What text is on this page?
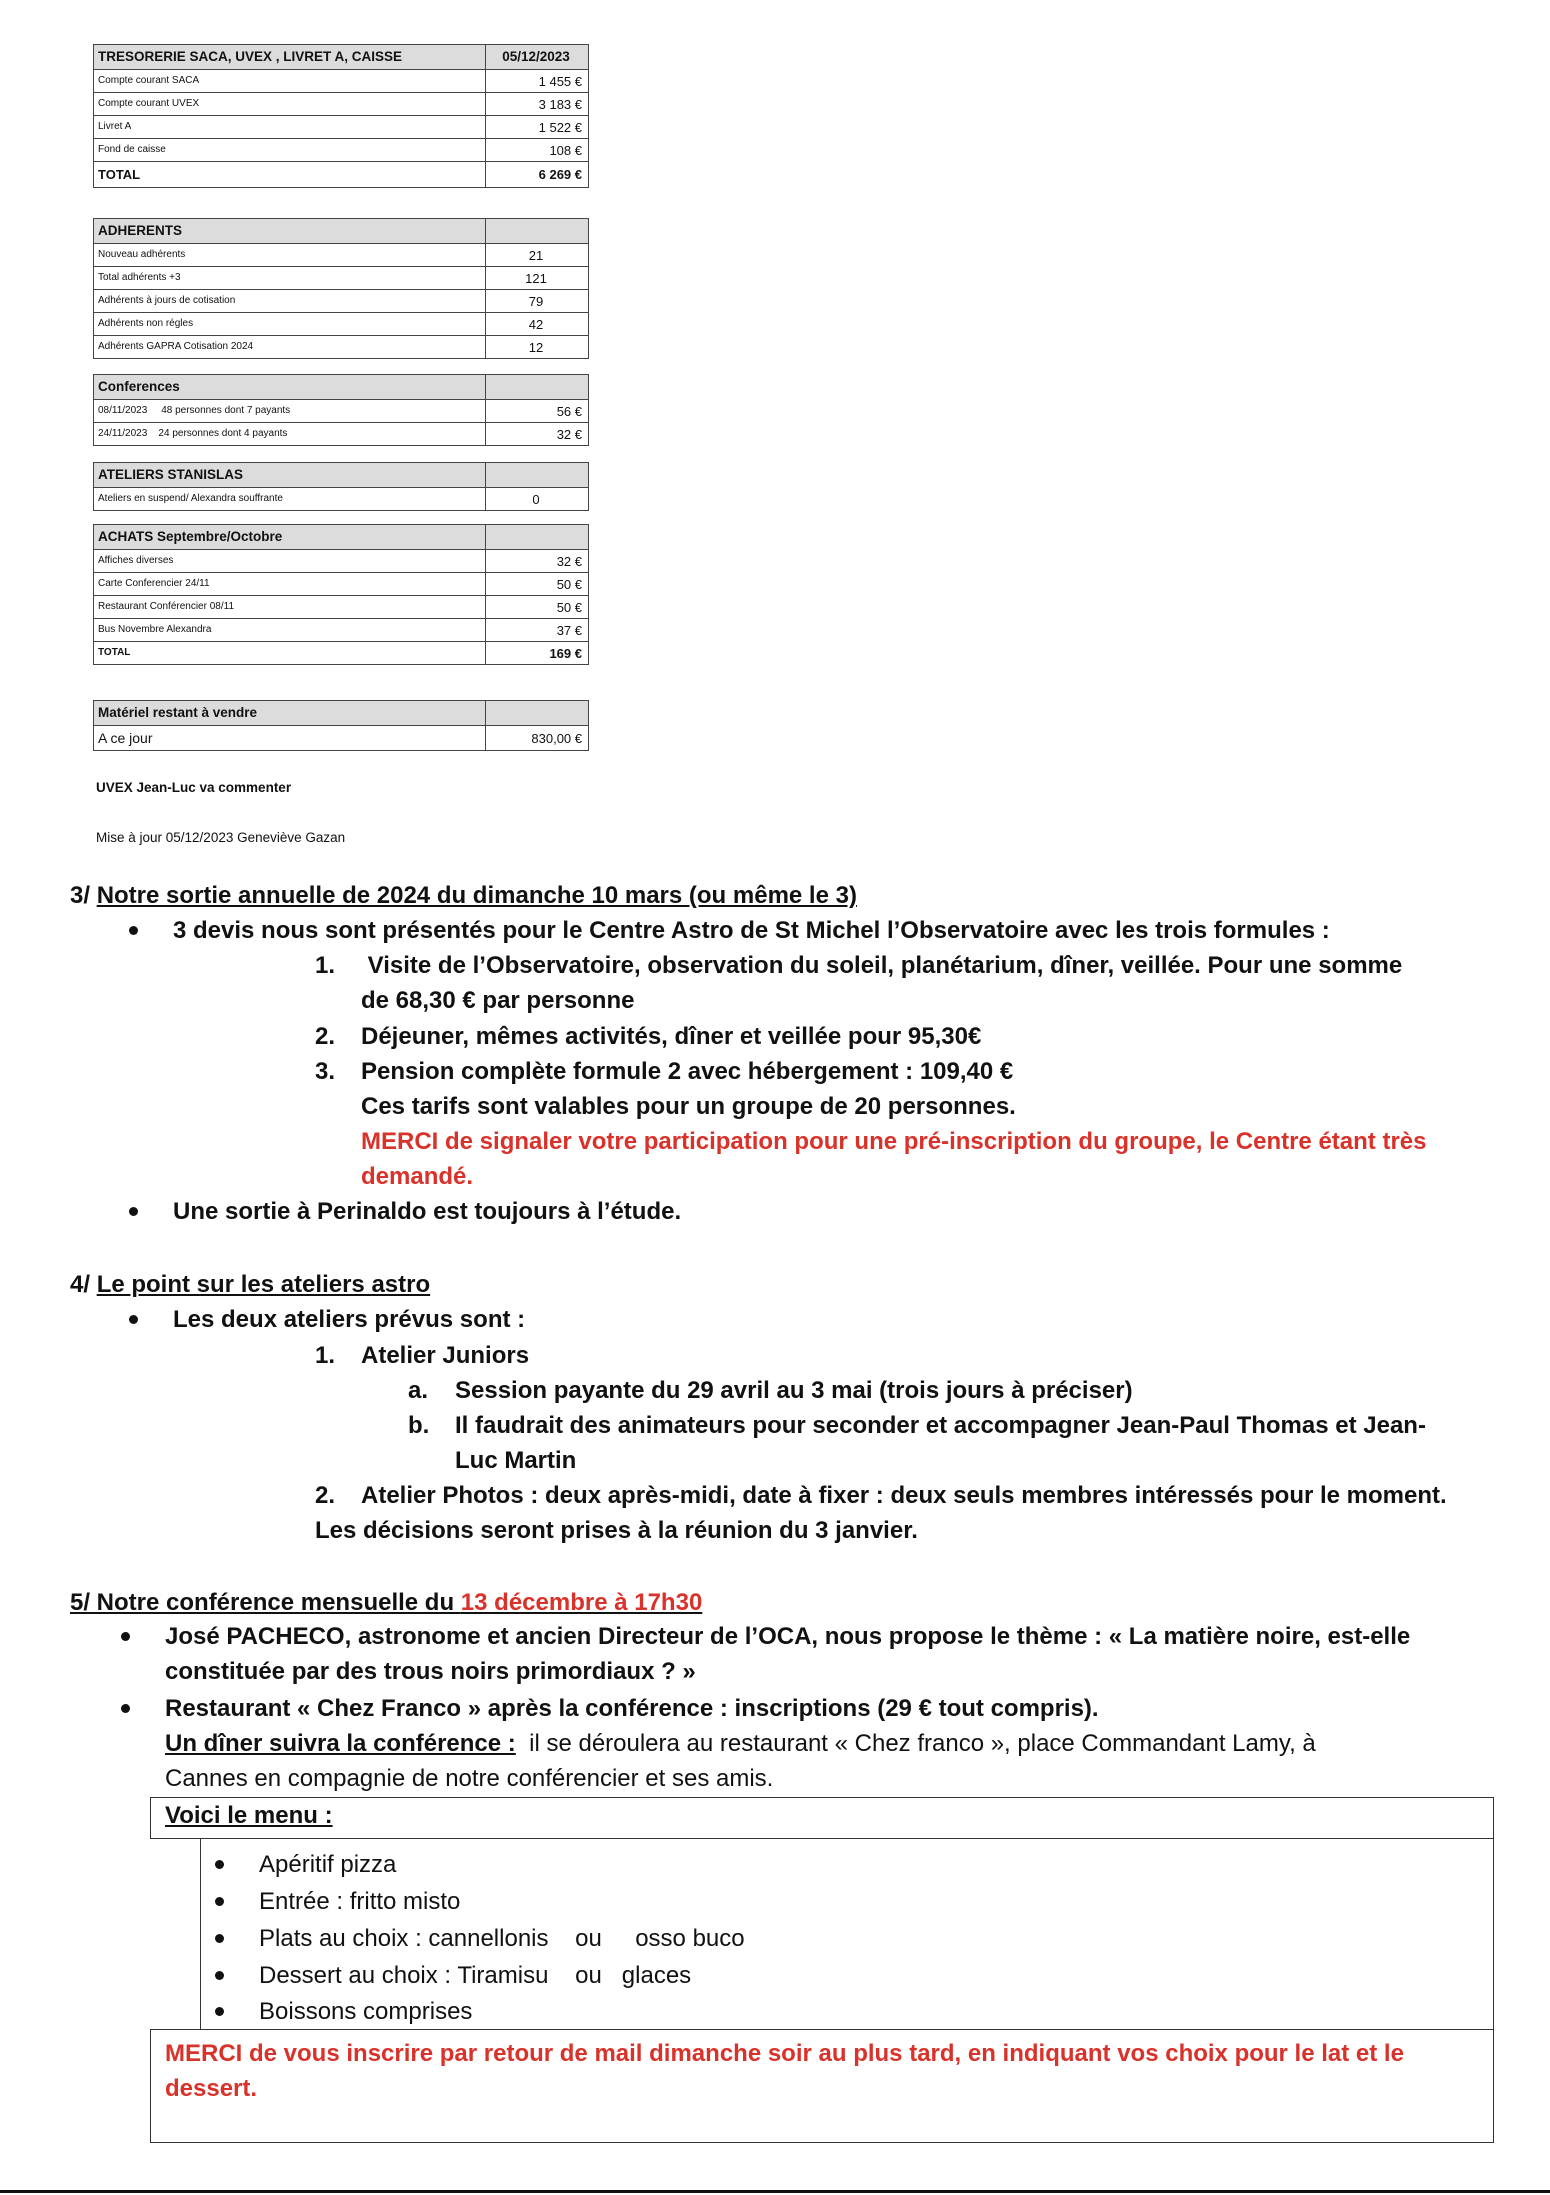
TRESORERIE SACA, UVEX , LIVRET A, CAISSE	05/12/2023
Compte courant SACA	1 455 €
Compte courant UVEX	3 183 €
Livret A	1 522 €
Fond de caisse	108 €
TOTAL	6 269 €
ADHERENTS	
Nouveau adhérents	21
Total adhérents +3	121
Adhérents à jours de cotisation	79
Adhérents non régles	42
Adhérents GAPRA Cotisation 2024	12
Conferences	
08/11/2023     48 personnes dont 7 payants	56 €
24/11/2023    24 personnes dont 4 payants	32 €
ATELIERS STANISLAS	
Ateliers en suspend/ Alexandra souffrante	0
ACHATS Septembre/Octobre	
Affiches diverses	32 €
Carte Conferencier 24/11	50 €
Restaurant Conférencier 08/11	50 €
Bus Novembre Alexandra	37 €
TOTAL	169 €
Matériel restant à vendre	
A ce jour	830,00 €
UVEX Jean-Luc va commenter
Mise à jour 05/12/2023 Geneviève Gazan
3/ Notre sortie annuelle de 2024 du dimanche 10 mars (ou même le 3)
3 devis nous sont présentés pour le Centre Astro de St Michel l’Observatoire avec les trois formules :
1. Visite de l’Observatoire, observation du soleil, planétarium, dîner, veillée. Pour une somme
de 68,30 € par personne
2. Déjeuner, mêmes activités, dîner et veillée pour 95,30€
3. Pension complète formule 2 avec hébergement : 109,40 €
Ces tarifs sont valables pour un groupe de 20 personnes.
MERCI de signaler votre participation pour une pré-inscription du groupe, le Centre étant très
demandé.
Une sortie à Perinaldo est toujours à l’étude.
4/ Le point sur les ateliers astro
Les deux ateliers prévus sont :
1. Atelier Juniors
a. Session payante du 29 avril au 3 mai (trois jours à préciser)
b. Il faudrait des animateurs pour seconder et accompagner Jean-Paul Thomas et Jean-
Luc Martin
2. Atelier Photos : deux après-midi, date à fixer : deux seuls membres intéressés pour le moment.
Les décisions seront prises à la réunion du 3 janvier.
5/ Notre conférence mensuelle du 13 décembre à 17h30
José PACHECO, astronome et ancien Directeur de l’OCA, nous propose le thème : « La matière noire, est-elle
constituée par des trous noirs primordiaux ? »
Restaurant « Chez Franco » après la conférence : inscriptions (29 € tout compris).
Un dîner suivra la conférence :  il se déroulera au restaurant « Chez franco », place Commandant Lamy, à
Cannes en compagnie de notre conférencier et ses amis.
Voici le menu :
Apéritif pizza
Entrée : fritto misto
Plats au choix : cannellonis    ou     osso buco
Dessert au choix : Tiramisu    ou   glaces
Boissons comprises
MERCI de vous inscrire par retour de mail dimanche soir au plus tard, en indiquant vos choix pour le lat et le
dessert.
